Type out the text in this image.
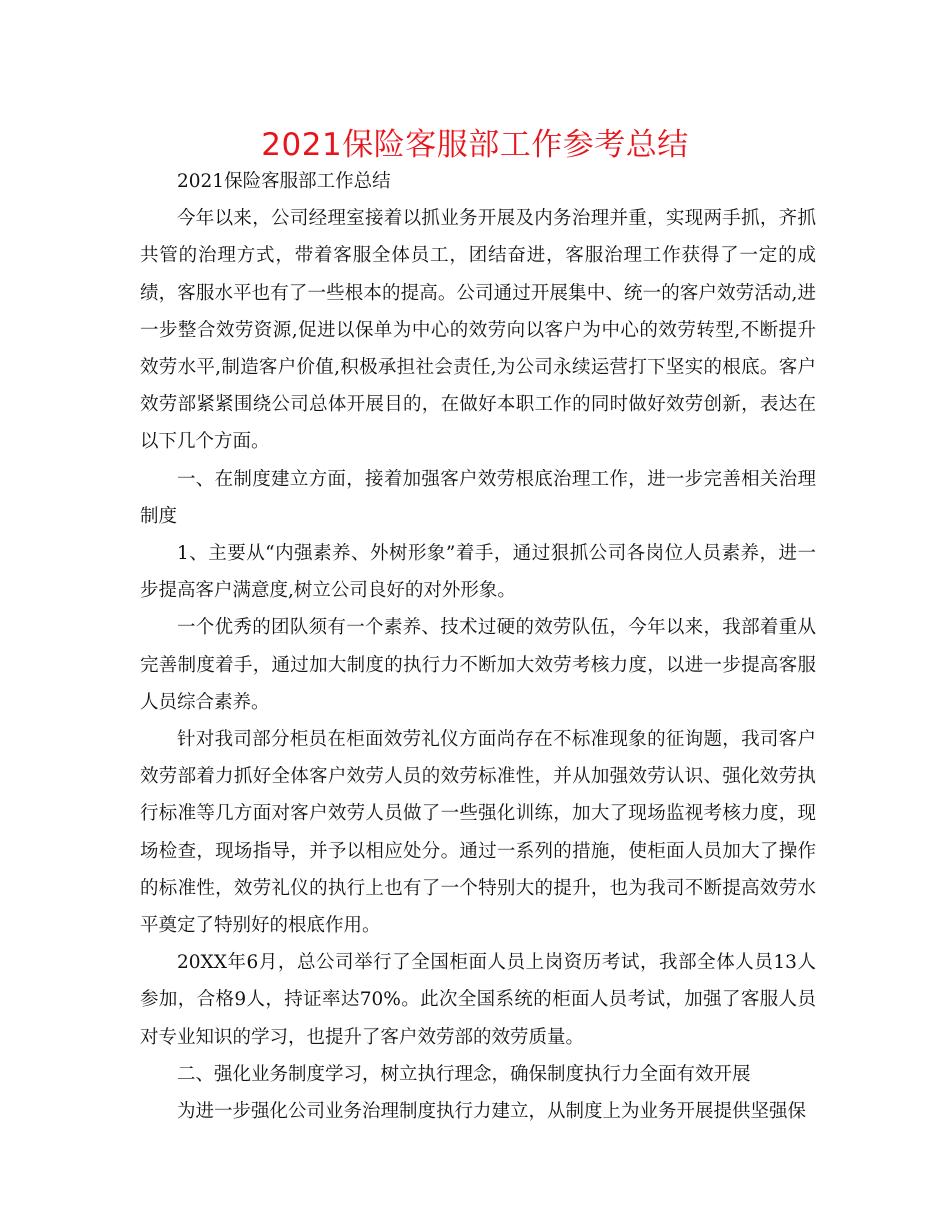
2021保险客服部工作参考总结

2021保险客服部工作总结

今年以来，公司经理室接着以抓业务开展及内务治理并重，实现两手抓，齐抓共管的治理方式，带着客服全体员工，团结奋进，客服治理工作获得了一定的成绩，客服水平也有了一些根本的提高。公司通过开展集中、统一的客户效劳活动,进一步整合效劳资源,促进以保单为中心的效劳向以客户为中心的效劳转型,不断提升效劳水平,制造客户价值,积极承担社会责任,为公司永续运营打下坚实的根底。客户效劳部紧紧围绕公司总体开展目的，在做好本职工作的同时做好效劳创新，表达在以下几个方面。

一、在制度建立方面，接着加强客户效劳根底治理工作，进一步完善相关治理制度

1、主要从“内强素养、外树形象”着手，通过狠抓公司各岗位人员素养，进一步提高客户满意度,树立公司良好的对外形象。

一个优秀的团队须有一个素养、技术过硬的效劳队伍，今年以来，我部着重从完善制度着手，通过加大制度的执行力不断加大效劳考核力度，以进一步提高客服人员综合素养。

针对我司部分柜员在柜面效劳礼仪方面尚存在不标准现象的征询题，我司客户效劳部着力抓好全体客户效劳人员的效劳标准性，并从加强效劳认识、强化效劳执行标准等几方面对客户效劳人员做了一些强化训练，加大了现场监视考核力度，现场检查，现场指导，并予以相应处分。通过一系列的措施，使柜面人员加大了操作的标准性，效劳礼仪的执行上也有了一个特别大的提升，也为我司不断提高效劳水平奠定了特别好的根底作用。

20XX年6月，总公司举行了全国柜面人员上岗资历考试，我部全体人员13人参加，合格9人，持证率达70%。此次全国系统的柜面人员考试，加强了客服人员对专业知识的学习，也提升了客户效劳部的效劳质量。

二、强化业务制度学习，树立执行理念，确保制度执行力全面有效开展

为进一步强化公司业务治理制度执行力建立，从制度上为业务开展提供坚强保
